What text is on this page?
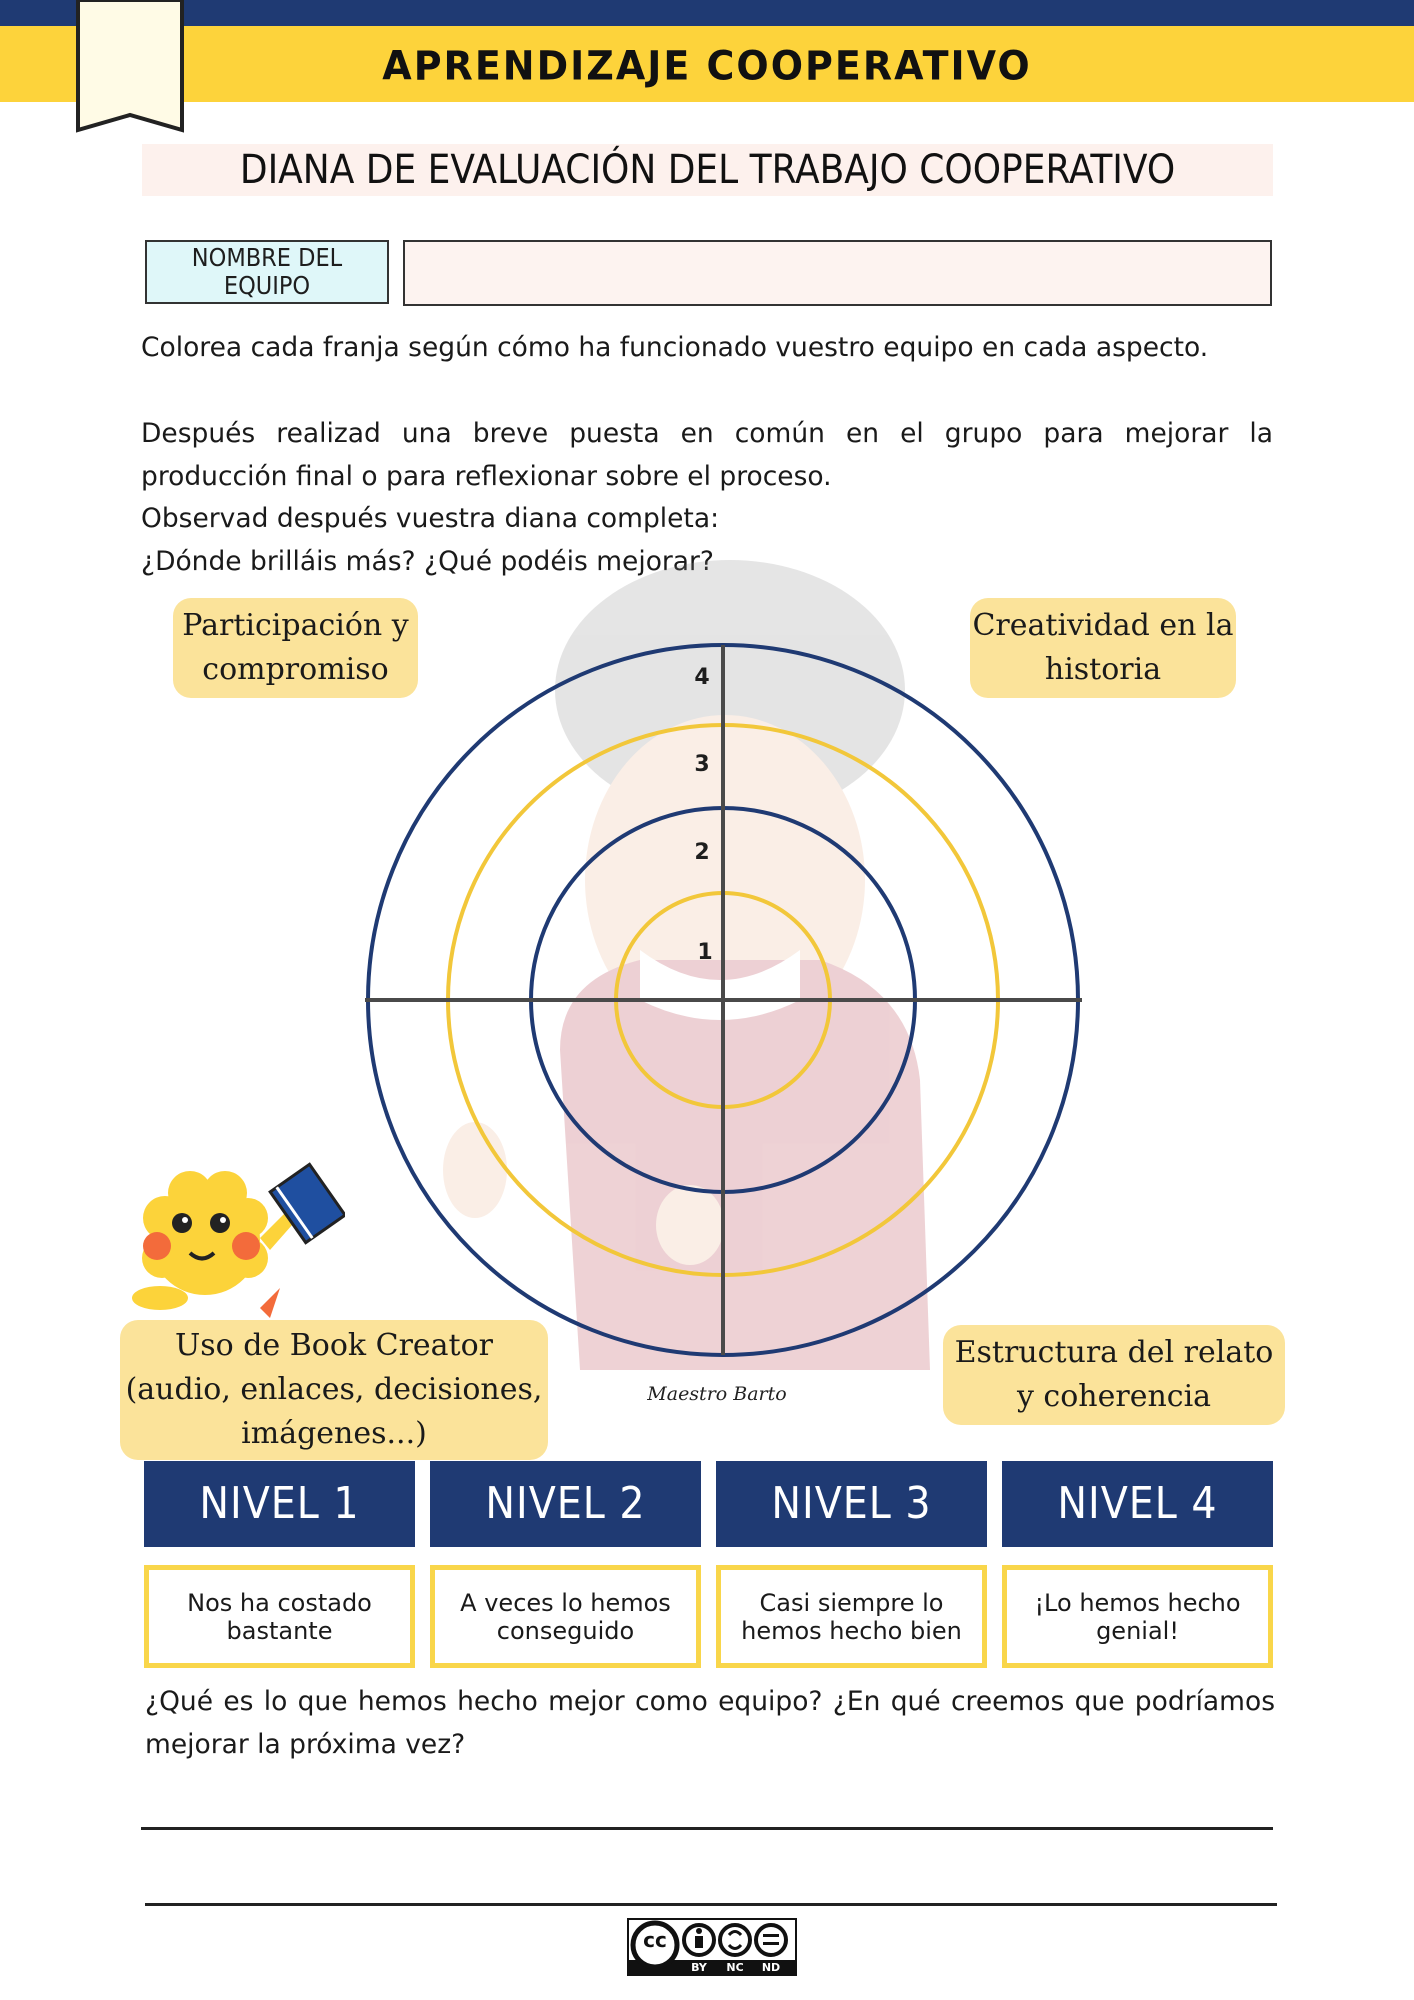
APRENDIZAJE COOPERATIVO
DIANA DE EVALUACIÓN DEL TRABAJO COOPERATIVO
NOMBRE DEL EQUIPO
Colorea cada franja según cómo ha funcionado vuestro equipo en cada aspecto.
Después realizad una breve puesta en común en el grupo para mejorar la producción final o para reflexionar sobre el proceso.
Observad después vuestra diana completa:
¿Dónde brilláis más? ¿Qué podéis mejorar?
4
3
2
1
Participación y compromiso
Creatividad en la historia
Uso de Book Creator (audio, enlaces, decisiones, imágenes...)
Estructura del relato y coherencia
Maestro Barto
NIVEL 1	NIVEL 2	NIVEL 3	NIVEL 4
Nos ha costado bastante
A veces lo hemos conseguido
Casi siempre lo hemos hecho bien
¡Lo hemos hecho genial!
¿Qué es lo que hemos hecho mejor como equipo? ¿En qué creemos que podríamos mejorar la próxima vez?
cc
BY	NC	ND
